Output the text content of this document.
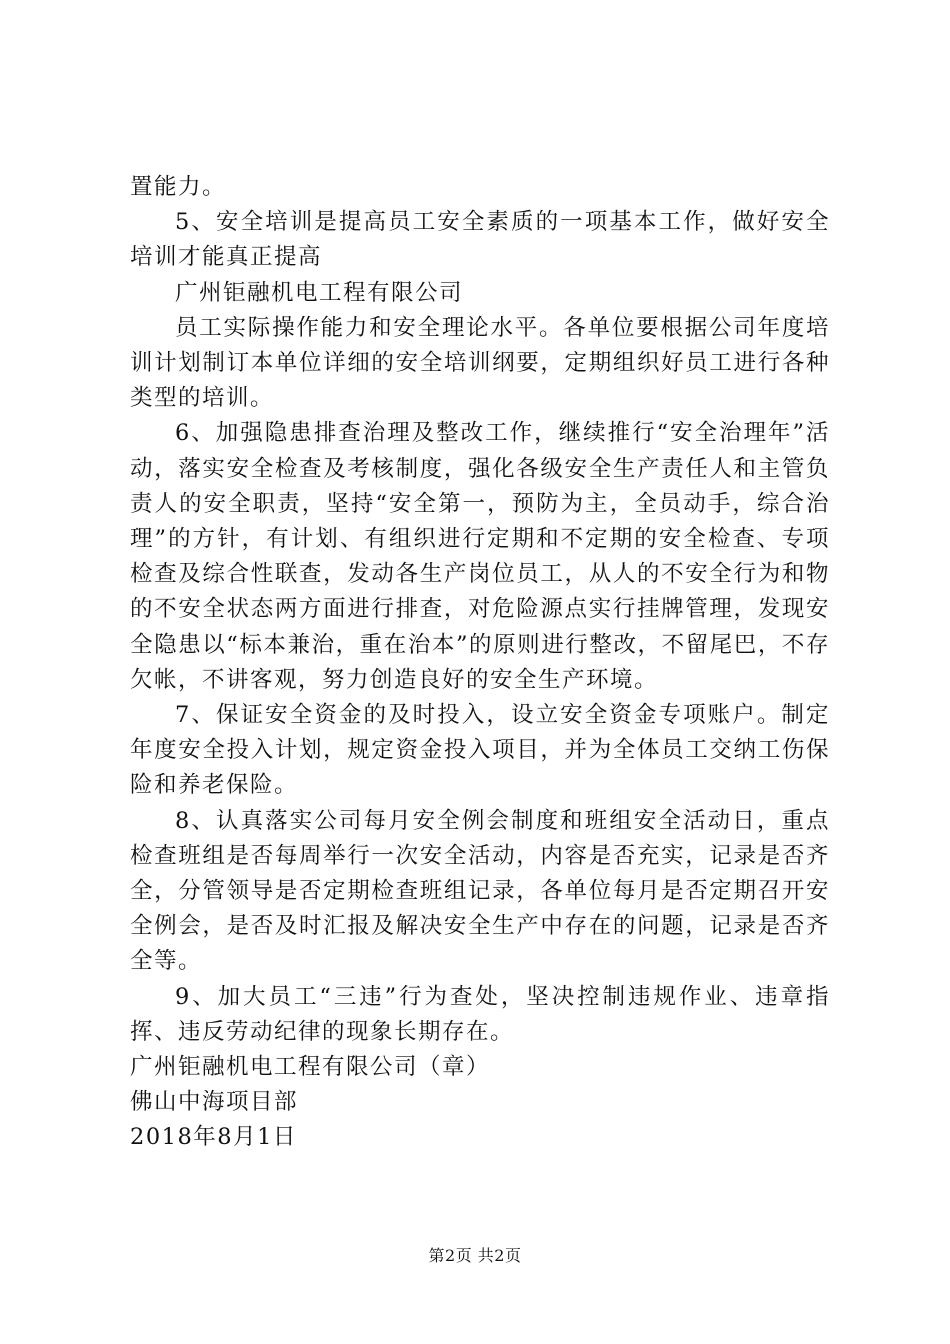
置能力。

5、安全培训是提高员工安全素质的一项基本工作，做好安全培训才能真正提高

广州钜融机电工程有限公司

员工实际操作能力和安全理论水平。各单位要根据公司年度培训计划制订本单位详细的安全培训纲要，定期组织好员工进行各种类型的培训。

6、加强隐患排查治理及整改工作，继续推行“安全治理年”活动，落实安全检查及考核制度，强化各级安全生产责任人和主管负责人的安全职责，坚持“安全第一，预防为主，全员动手，综合治理”的方针，有计划、有组织进行定期和不定期的安全检查、专项检查及综合性联查，发动各生产岗位员工，从人的不安全行为和物的不安全状态两方面进行排查，对危险源点实行挂牌管理，发现安全隐患以“标本兼治，重在治本”的原则进行整改，不留尾巴，不存欠帐，不讲客观，努力创造良好的安全生产环境。

7、保证安全资金的及时投入，设立安全资金专项账户。制定年度安全投入计划，规定资金投入项目，并为全体员工交纳工伤保险和养老保险。

8、认真落实公司每月安全例会制度和班组安全活动日，重点检查班组是否每周举行一次安全活动，内容是否充实，记录是否齐全，分管领导是否定期检查班组记录，各单位每月是否定期召开安全例会，是否及时汇报及解决安全生产中存在的问题，记录是否齐全等。

9、加大员工“三违”行为查处，坚决控制违规作业、违章指挥、违反劳动纪律的现象长期存在。

广州钜融机电工程有限公司（章）

佛山中海项目部

2018年8月1日

第2页 共2页
